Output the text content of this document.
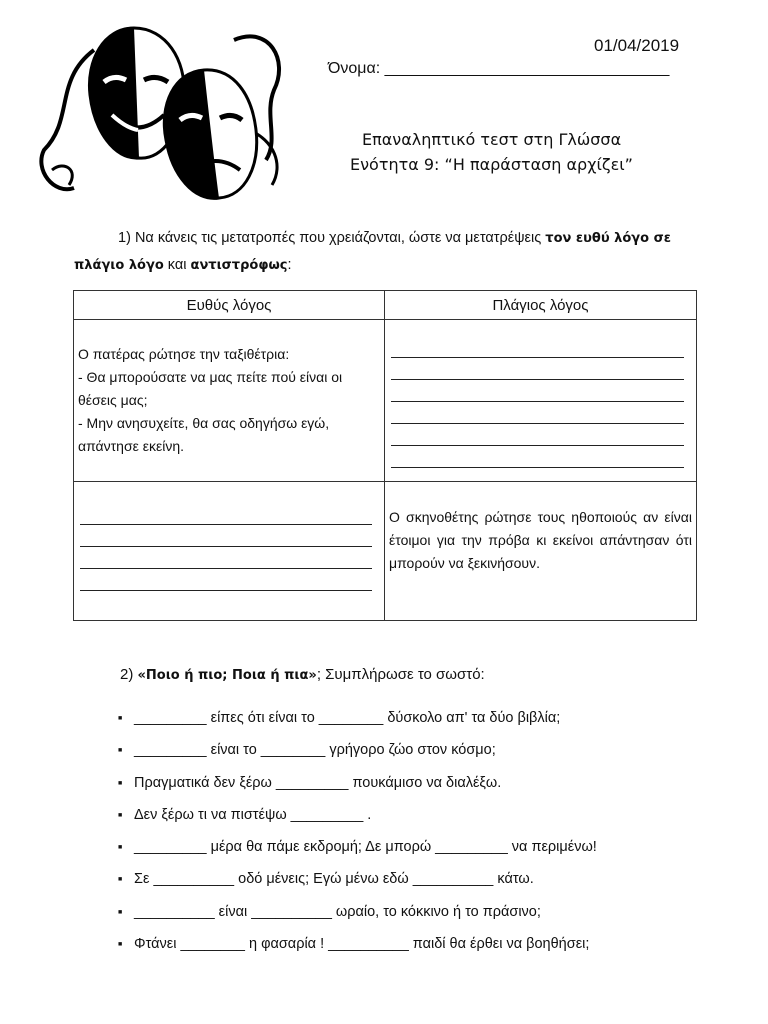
01/04/2019
Όνομα: ________________________________
Επαναληπτικό τεστ στη Γλώσσα
Ενότητα 9: “Η παράσταση αρχίζει”
1) Να κάνεις τις μετατροπές που χρειάζονται, ώστε να μετατρέψεις τον ευθύ λόγο σε πλάγιο λόγο και αντιστρόφως:
Ευθύς λόγος	Πλάγιος λόγος

Ο πατέρας ρώτησε την ταξιθέτρια:
- Θα μπορούσατε να μας πείτε πού είναι οι θέσεις μας;
- Μην ανησυχείτε, θα σας οδηγήσω εγώ, απάντησε εκείνη.	

	Ο σκηνοθέτης ρώτησε τους ηθοποιούς αν είναι έτοιμοι για την πρόβα κι εκείνοι απάντησαν ότι μπορούν να ξεκινήσουν.
2) «Ποιο ή πιο; Ποια ή πια»; Συμπλήρωσε το σωστό:
■ _________ είπες ότι είναι το ________ δύσκολο απ' τα δύο βιβλία;
■ _________ είναι το ________ γρήγορο ζώο στον κόσμο;
■ Πραγματικά δεν ξέρω _________ πουκάμισο να διαλέξω.
■ Δεν ξέρω τι να πιστέψω _________ .
■ _________ μέρα θα πάμε εκδρομή; Δε μπορώ _________ να περιμένω!
■ Σε __________ οδό μένεις; Εγώ μένω εδώ __________ κάτω.
■ __________ είναι __________ ωραίο, το κόκκινο ή το πράσινο;
■ Φτάνει ________ η φασαρία ! __________ παιδί θα έρθει να βοηθήσει;
